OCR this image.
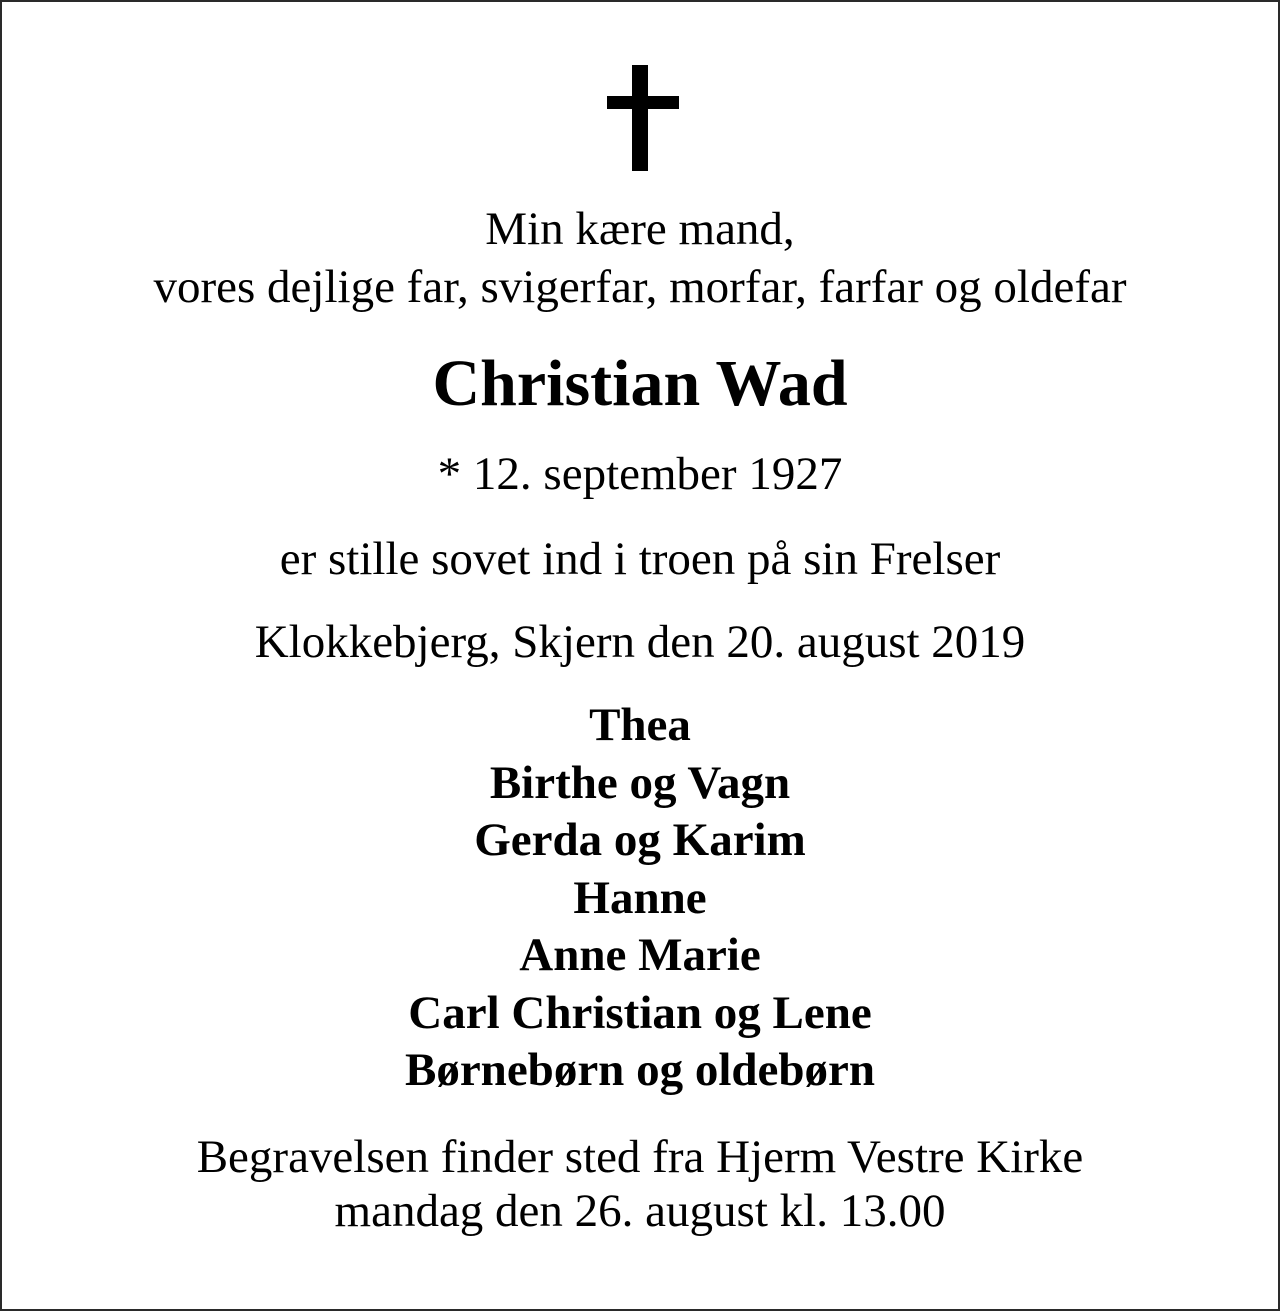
Min kære mand,
vores dejlige far, svigerfar, morfar, farfar og oldefar
Christian Wad
* 12. september 1927
er stille sovet ind i troen på sin Frelser
Klokkebjerg, Skjern den 20. august 2019
Thea
Birthe og Vagn
Gerda og Karim
Hanne
Anne Marie
Carl Christian og Lene
Børnebørn og oldebørn
Begravelsen finder sted fra Hjerm Vestre Kirke
mandag den 26. august kl. 13.00
